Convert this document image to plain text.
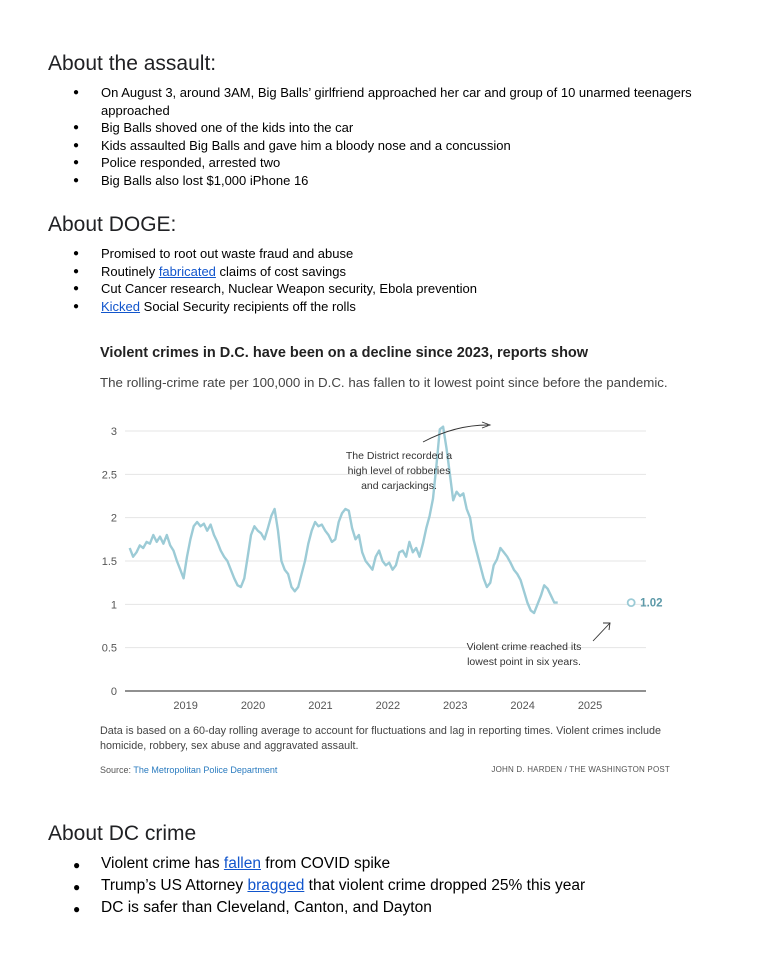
About the assault:
● On August 3, around 3AM, Big Balls’ girlfriend approached her car and group of 10 unarmed teenagers approached
● Big Balls shoved one of the kids into the car
● Kids assaulted Big Balls and gave him a bloody nose and a concussion
● Police responded, arrested two
● Big Balls also lost $1,000 iPhone 16
About DOGE:
● Promised to root out waste fraud and abuse
● Routinely fabricated claims of cost savings
● Cut Cancer research, Nuclear Weapon security, Ebola prevention
● Kicked Social Security recipients off the rolls
Violent crimes in D.C. have been on a decline since 2023, reports show
The rolling-crime rate per 100,000 in D.C. has fallen to it lowest point since before the pandemic.
0
0.5
1
1.5
2
2.5
3
2019	2020	2021	2022	2023	2024	2025
1.02
The District recorded a
high level of robberies
and carjackings.
Violent crime reached its
lowest point in six years.
Data is based on a 60-day rolling average to account for fluctuations and lag in reporting times. Violent crimes include homicide, robbery, sex abuse and aggravated assault.
Source: The Metropolitan Police Department	JOHN D. HARDEN / THE WASHINGTON POST
About DC crime
● Violent crime has fallen from COVID spike
● Trump’s US Attorney bragged that violent crime dropped 25% this year
● DC is safer than Cleveland, Canton, and Dayton
